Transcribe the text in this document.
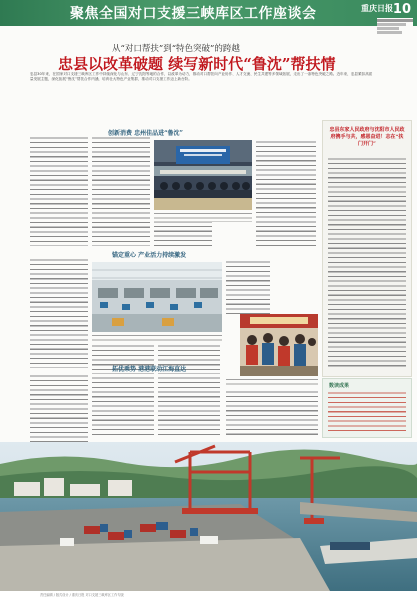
聚焦全国对口支援三峡库区工作座谈会	重庆日报 10
从“对口帮扶”到“特色突破”的跨越
忠县以改革破题 续写新时代“鲁沈”帮扶情
忠县30年来，在国家对口支援三峡库区工作中持续深化与山东、辽宁沈阳等地的合作，以改革为动力，推动对口帮扶向产业协作、人才交流、民生共建等多领域拓展，走出了一条特色突破之路。近年来，忠县紧扣高质量发展主题，深化拓展“鲁沈”帮扶合作内涵，培育壮大特色产业集群，推动对口支援工作迈上新台阶。
创新消费 忠州佳品进“鲁沈”
锚定重心 产业活力持续激发
拓优乘势 港港联动江海直达
忠县东家人民政府与沈阳市人民政府携手与共，感恩奋进！志在“扶门开门”
数读成果
责任编辑 / 版式设计 / 重庆日报 对口支援三峡库区工作专版
